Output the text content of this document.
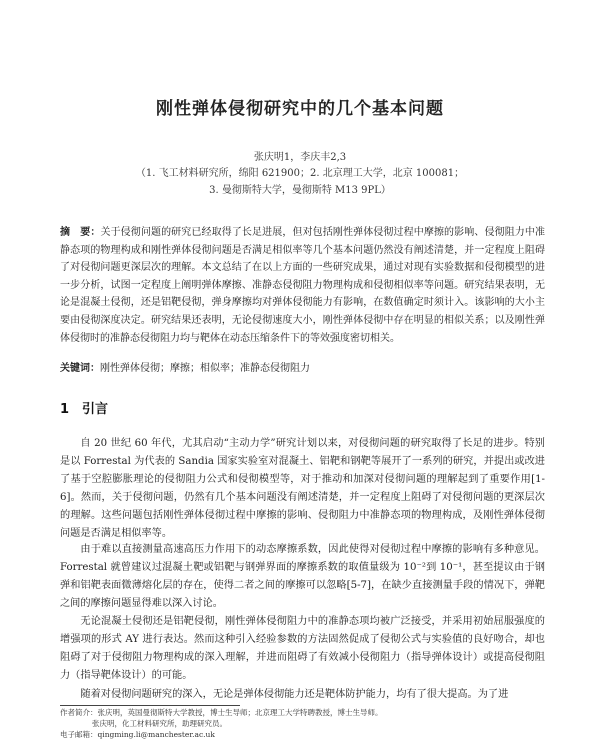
刚性弹体侵彻研究中的几个基本问题
张庆明1，李庆丰2,3
（1. 飞工材料研究所，绵阳 621900；2. 北京理工大学，北京 100081；
3. 曼彻斯特大学，曼彻斯特 M13 9PL）
摘　要：关于侵彻问题的研究已经取得了长足进展，但对包括刚性弹体侵彻过程中摩擦的影响、侵彻阻力中准静态项的物理构成和刚性弹体侵彻问题是否满足相似率等几个基本问题仍然没有阐述清楚，并一定程度上阻碍了对侵彻问题更深层次的理解。本文总结了在以上方面的一些研究成果，通过对现有实验数据和侵彻模型的进一步分析，试图一定程度上阐明弹体摩擦、准静态侵彻阻力物理构成和侵彻相似率等问题。研究结果表明，无论是混凝土侵彻，还是铝靶侵彻，弹身摩擦均对弹体侵彻能力有影响，在数值确定时须计入。该影响的大小主要由侵彻深度决定。研究结果还表明，无论侵彻速度大小，刚性弹体侵彻中存在明显的相似关系；以及刚性弹体侵彻时的准静态侵彻阻力均与靶体在动态压缩条件下的等效强度密切相关。
关键词：刚性弹体侵彻；摩擦；相似率；准静态侵彻阻力
1 引言

自 20 世纪 60 年代，尤其启动“主动力学”研究计划以来，对侵彻问题的研究取得了长足的进步。特别是以 Forrestal 为代表的 Sandia 国家实验室对混凝土、铝靶和钢靶等展开了一系列的研究，并提出或改进了基于空腔膨胀理论的侵彻阻力公式和侵彻模型等，对于推动和加深对侵彻问题的理解起到了重要作用[1-6]。然而，关于侵彻问题，仍然有几个基本问题没有阐述清楚，并一定程度上阻碍了对侵彻问题的更深层次的理解。这些问题包括刚性弹体侵彻过程中摩擦的影响、侵彻阻力中准静态项的物理构成，及刚性弹体侵彻问题是否满足相似率等。

由于难以直接测量高速高压力作用下的动态摩擦系数，因此使得对侵彻过程中摩擦的影响有多种意见。Forrestal 就曾建议过混凝土靶或铝靶与钢弹界面的摩擦系数的取值量级为 10⁻²到 10⁻¹，甚至提议由于钢弹和铝靶表面微薄熔化层的存在，使得二者之间的摩擦可以忽略[5-7]，在缺少直接测量手段的情况下，弹靶之间的摩擦问题显得难以深入讨论。

无论混凝土侵彻还是铝靶侵彻，刚性弹体侵彻阻力中的准静态项均被广泛接受，并采用初始屈服强度的增强项的形式 AY 进行表达。然而这种引入经验参数的方法固然促成了侵彻公式与实验值的良好吻合，却也阻碍了对于侵彻阻力物理构成的深入理解，并进而阻碍了有效减小侵彻阻力（指导弹体设计）或提高侵彻阻力（指导靶体设计）的可能。

随着对侵彻问题研究的深入，无论是弹体侵彻能力还是靶体防护能力，均有了很大提高。为了进

作者简介：张庆明，英国曼彻斯特大学教授，博士生导师；北京理工大学特聘教授，博士生导师。
张庆明，化工材料研究所，助理研究员。
电子邮箱：qingming.li@manchester.ac.uk
